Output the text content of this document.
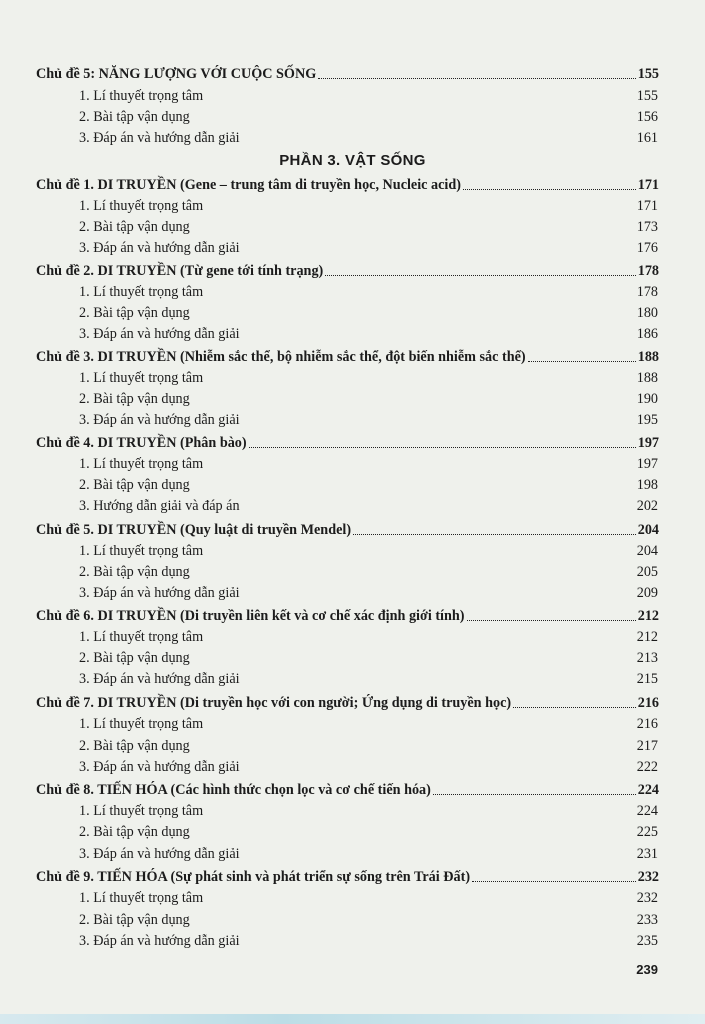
Chủ đề 5: NĂNG LƯỢNG VỚI CUỘC SỐNG	155
1. Lí thuyết trọng tâm	155
2. Bài tập vận dụng	156
3. Đáp án và hướng dẫn giải	161
PHẦN 3. VẬT SỐNG
Chủ đề 1. DI TRUYỀN (Gene – trung tâm di truyền học, Nucleic acid)	171
1. Lí thuyết trọng tâm	171
2. Bài tập vận dụng	173
3. Đáp án và hướng dẫn giải	176
Chủ đề 2. DI TRUYỀN (Từ gene tới tính trạng)	178
1. Lí thuyết trọng tâm	178
2. Bài tập vận dụng	180
3. Đáp án và hướng dẫn giải	186
Chủ đề 3. DI TRUYỀN (Nhiễm sắc thể, bộ nhiễm sắc thể, đột biến nhiễm sắc thể)	188
1. Lí thuyết trọng tâm	188
2. Bài tập vận dụng	190
3. Đáp án và hướng dẫn giải	195
Chủ đề 4. DI TRUYỀN (Phân bào)	197
1. Lí thuyết trọng tâm	197
2. Bài tập vận dụng	198
3. Hướng dẫn giải và đáp án	202
Chủ đề 5. DI TRUYỀN (Quy luật di truyền Mendel)	204
1. Lí thuyết trọng tâm	204
2. Bài tập vận dụng	205
3. Đáp án và hướng dẫn giải	209
Chủ đề 6. DI TRUYỀN (Di truyền liên kết và cơ chế xác định giới tính)	212
1. Lí thuyết trọng tâm	212
2. Bài tập vận dụng	213
3. Đáp án và hướng dẫn giải	215
Chủ đề 7. DI TRUYỀN (Di truyền học với con người; Ứng dụng di truyền học)	216
1. Lí thuyết trọng tâm	216
2. Bài tập vận dụng	217
3. Đáp án và hướng dẫn giải	222
Chủ đề 8. TIẾN HÓA (Các hình thức chọn lọc và cơ chế tiến hóa)	224
1. Lí thuyết trọng tâm	224
2. Bài tập vận dụng	225
3. Đáp án và hướng dẫn giải	231
Chủ đề 9. TIẾN HÓA (Sự phát sinh và phát triển sự sống trên Trái Đất)	232
1. Lí thuyết trọng tâm	232
2. Bài tập vận dụng	233
3. Đáp án và hướng dẫn giải	235
239
